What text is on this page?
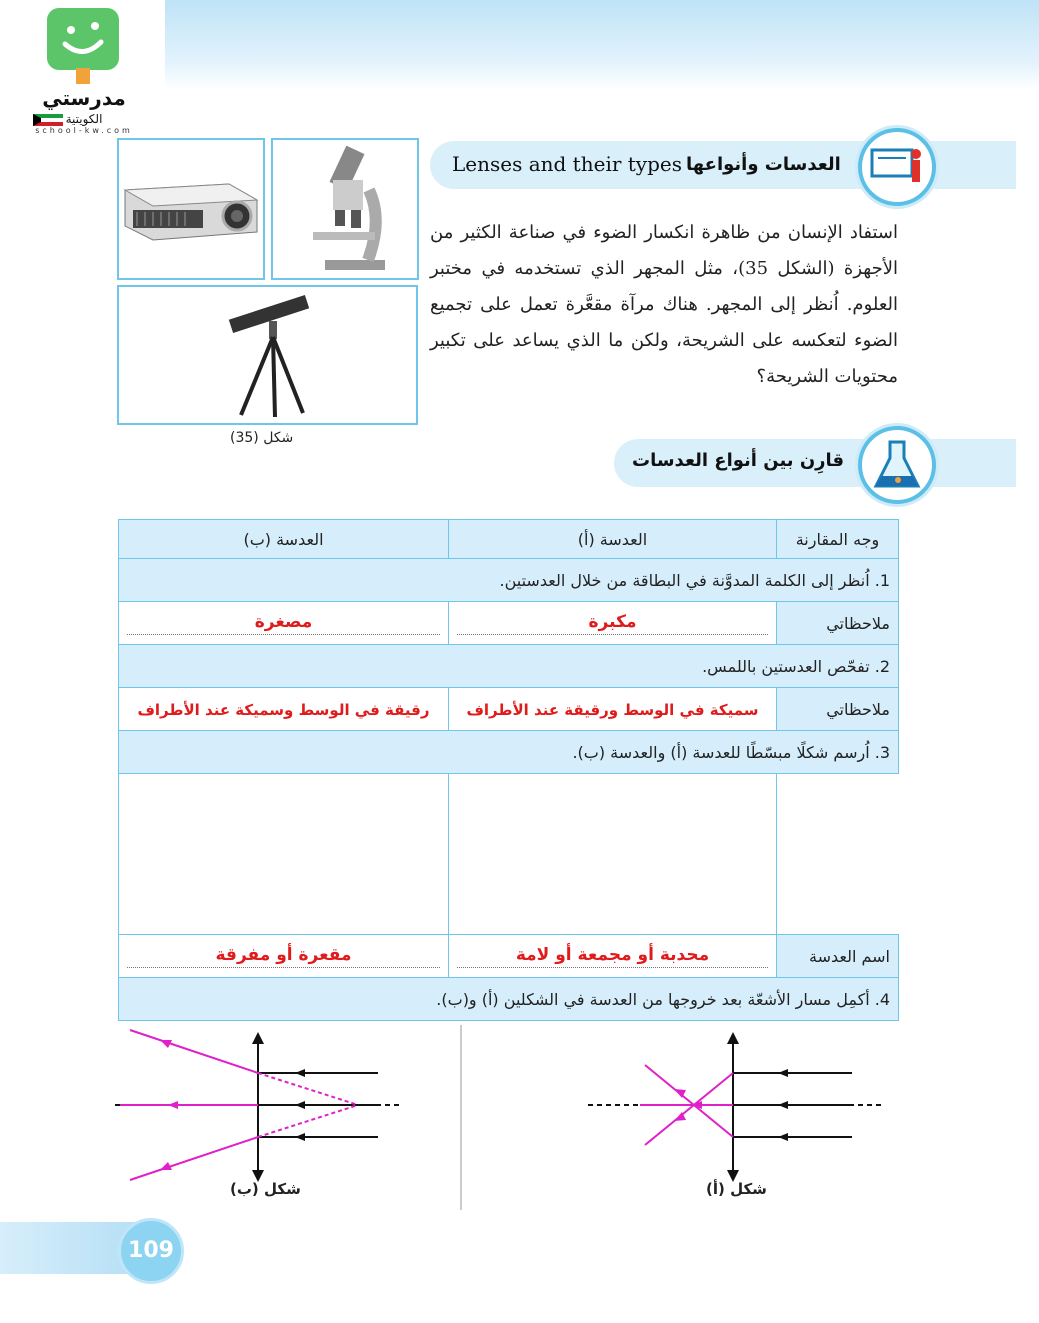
مدرستي
الكويتية
school-kw.com
شكل (35)
Lenses and their types العدسات وأنواعها
استفاد الإنسان من ظاهرة انكسار الضوء في صناعة الكثير من الأجهزة (الشكل 35)، مثل المجهر الذي تستخدمه في مختبر العلوم. اُنظر إلى المجهر. هناك مرآة مقعَّرة تعمل على تجميع الضوء لتعكسه على الشريحة، ولكن ما الذي يساعد على تكبير محتويات الشريحة؟
قارِن بين أنواع العدسات
وجه المقارنة	العدسة (أ)	العدسة (ب)
1. اُنظر إلى الكلمة المدوَّنة في البطاقة من خلال العدستين.		
ملاحظاتي	مكبرة	مصغرة

2. تفحّص العدستين باللمس.		
ملاحظاتي	سميكة في الوسط ورقيقة عند الأطراف	رقيقة في الوسط وسميكة عند الأطراف
3. اُرسم شكلًا مبسّطًا للعدسة (أ) والعدسة (ب).		

اسم العدسة	محدبة أو مجمعة أو لامة	مقعرة أو مفرقة

4. أكمِل مسار الأشعّة بعد خروجها من العدسة في الشكلين (أ) و(ب).		
شكل (ب)	شكل (أ)
109
